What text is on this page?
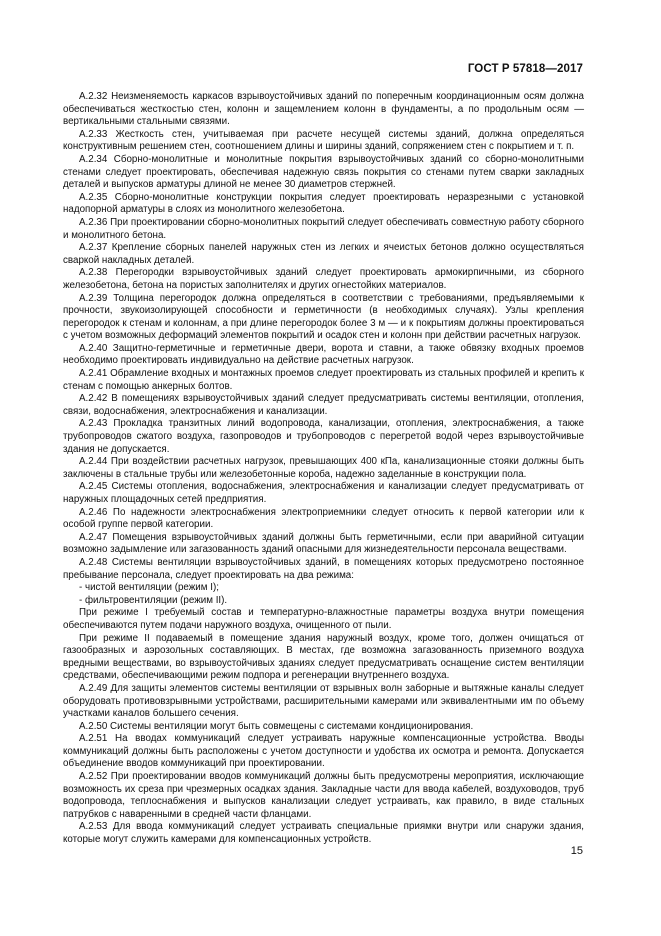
ГОСТ Р 57818—2017

А.2.32 Неизменяемость каркасов взрывоустойчивых зданий по поперечным координационным осям должна обеспечиваться жесткостью стен, колонн и защемлением колонн в фундаменты, а по продольным осям — вертикальными стальными связями.

А.2.33 Жесткость стен, учитываемая при расчете несущей системы зданий, должна определяться конструктивным решением стен, соотношением длины и ширины зданий, сопряжением стен с покрытием и т. п.

А.2.34 Сборно-монолитные и монолитные покрытия взрывоустойчивых зданий со сборно-монолитными стенами следует проектировать, обеспечивая надежную связь покрытия со стенами путем сварки закладных деталей и выпусков арматуры длиной не менее 30 диаметров стержней.

А.2.35 Сборно-монолитные конструкции покрытия следует проектировать неразрезными с установкой надопорной арматуры в слоях из монолитного железобетона.

А.2.36 При проектировании сборно-монолитных покрытий следует обеспечивать совместную работу сборного и монолитного бетона.

А.2.37 Крепление сборных панелей наружных стен из легких и ячеистых бетонов должно осуществляться сваркой накладных деталей.

А.2.38 Перегородки взрывоустойчивых зданий следует проектировать армокирпичными, из сборного железобетона, бетона на пористых заполнителях и других огнестойких материалов.

А.2.39 Толщина перегородок должна определяться в соответствии с требованиями, предъявляемыми к прочности, звукоизолирующей способности и герметичности (в необходимых случаях). Узлы крепления перегородок к стенам и колоннам, а при длине перегородок более 3 м — и к покрытиям должны проектироваться с учетом возможных деформаций элементов покрытий и осадок стен и колонн при действии расчетных нагрузок.

А.2.40 Защитно-герметичные и герметичные двери, ворота и ставни, а также обвязку входных проемов необходимо проектировать индивидуально на действие расчетных нагрузок.

А.2.41 Обрамление входных и монтажных проемов следует проектировать из стальных профилей и крепить к стенам с помощью анкерных болтов.

А.2.42 В помещениях взрывоустойчивых зданий следует предусматривать системы вентиляции, отопления, связи, водоснабжения, электроснабжения и канализации.

А.2.43 Прокладка транзитных линий водопровода, канализации, отопления, электроснабжения, а также трубопроводов сжатого воздуха, газопроводов и трубопроводов с перегретой водой через взрывоустойчивые здания не допускается.

А.2.44 При воздействии расчетных нагрузок, превышающих 400 кПа, канализационные стояки должны быть заключены в стальные трубы или железобетонные короба, надежно заделанные в конструкции пола.

А.2.45 Системы отопления, водоснабжения, электроснабжения и канализации следует предусматривать от наружных площадочных сетей предприятия.

А.2.46 По надежности электроснабжения электроприемники следует относить к первой категории или к особой группе первой категории.

А.2.47 Помещения взрывоустойчивых зданий должны быть герметичными, если при аварийной ситуации возможно задымление или загазованность зданий опасными для жизнедеятельности персонала веществами.

А.2.48 Системы вентиляции взрывоустойчивых зданий, в помещениях которых предусмотрено постоянное пребывание персонала, следует проектировать на два режима:

- чистой вентиляции (режим I);

- фильтровентиляции (режим II).

При режиме I требуемый состав и температурно-влажностные параметры воздуха внутри помещения обеспечиваются путем подачи наружного воздуха, очищенного от пыли.

При режиме II подаваемый в помещение здания наружный воздух, кроме того, должен очищаться от газообразных и аэрозольных составляющих. В местах, где возможна загазованность приземного воздуха вредными веществами, во взрывоустойчивых зданиях следует предусматривать оснащение систем вентиляции средствами, обеспечивающими режим подпора и регенерации внутреннего воздуха.

А.2.49 Для защиты элементов системы вентиляции от взрывных волн заборные и вытяжные каналы следует оборудовать противовзрывными устройствами, расширительными камерами или эквивалентными им по объему участками каналов большего сечения.

А.2.50 Системы вентиляции могут быть совмещены с системами кондиционирования.

А.2.51 На вводах коммуникаций следует устраивать наружные компенсационные устройства. Вводы коммуникаций должны быть расположены с учетом доступности и удобства их осмотра и ремонта. Допускается объединение вводов коммуникаций при проектировании.

А.2.52 При проектировании вводов коммуникаций должны быть предусмотрены мероприятия, исключающие возможность их среза при чрезмерных осадках здания. Закладные части для ввода кабелей, воздуховодов, труб водопровода, теплоснабжения и выпусков канализации следует устраивать, как правило, в виде стальных патрубков с наваренными в средней части фланцами.

А.2.53 Для ввода коммуникаций следует устраивать специальные приямки внутри или снаружи здания, которые могут служить камерами для компенсационных устройств.

15
